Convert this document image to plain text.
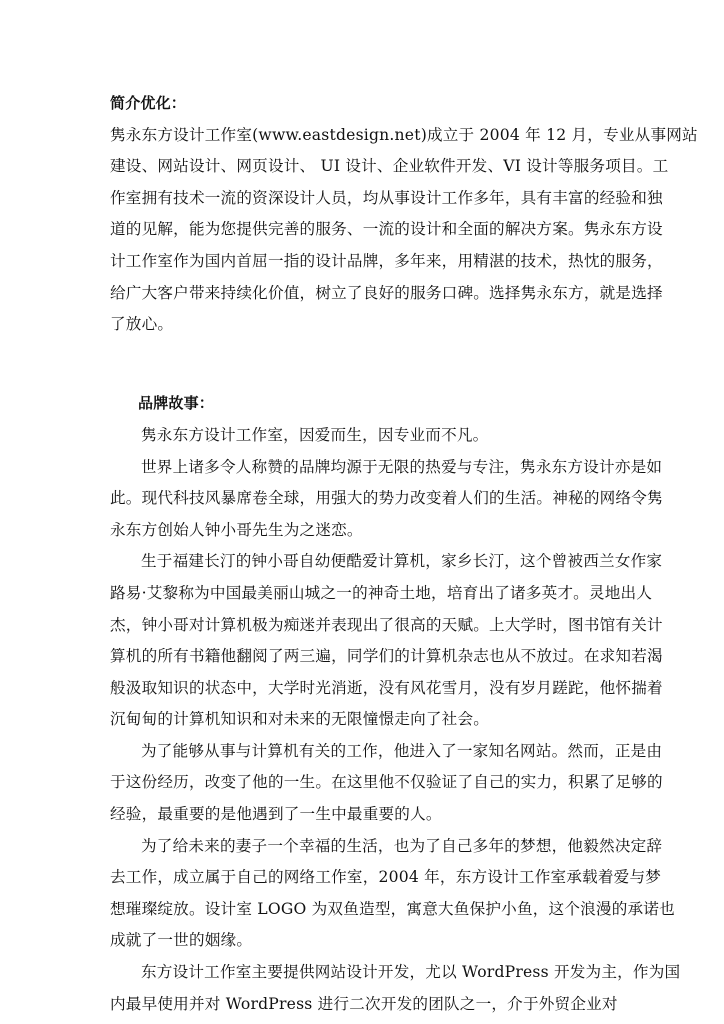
简介优化：
隽永东方设计工作室(www.eastdesign.net)成立于 2004 年 12 月，专业从事网站
建设、网站设计、网页设计、 UI 设计、企业软件开发、VI 设计等服务项目。工
作室拥有技术一流的资深设计人员，均从事设计工作多年，具有丰富的经验和独
道的见解，能为您提供完善的服务、一流的设计和全面的解决方案。隽永东方设
计工作室作为国内首屈一指的设计品牌，多年来，用精湛的技术，热忱的服务，
给广大客户带来持续化价值，树立了良好的服务口碑。选择隽永东方，就是选择
了放心。
品牌故事：
隽永东方设计工作室，因爱而生，因专业而不凡。
世界上诸多令人称赞的品牌均源于无限的热爱与专注，隽永东方设计亦是如
此。现代科技风暴席卷全球，用强大的势力改变着人们的生活。神秘的网络令隽
永东方创始人钟小哥先生为之迷恋。
生于福建长汀的钟小哥自幼便酷爱计算机，家乡长汀，这个曾被西兰女作家
路易·艾黎称为中国最美丽山城之一的神奇土地，培育出了诸多英才。灵地出人
杰，钟小哥对计算机极为痴迷并表现出了很高的天赋。上大学时，图书馆有关计
算机的所有书籍他翻阅了两三遍，同学们的计算机杂志也从不放过。在求知若渴
般汲取知识的状态中，大学时光消逝，没有风花雪月，没有岁月蹉跎，他怀揣着
沉甸甸的计算机知识和对未来的无限憧憬走向了社会。
为了能够从事与计算机有关的工作，他进入了一家知名网站。然而，正是由
于这份经历，改变了他的一生。在这里他不仅验证了自己的实力，积累了足够的
经验，最重要的是他遇到了一生中最重要的人。
为了给未来的妻子一个幸福的生活，也为了自己多年的梦想，他毅然决定辞
去工作，成立属于自己的网络工作室，2004 年，东方设计工作室承载着爱与梦
想璀璨绽放。设计室 LOGO 为双鱼造型，寓意大鱼保护小鱼，这个浪漫的承诺也
成就了一世的姻缘。
东方设计工作室主要提供网站设计开发，尤以 WordPress 开发为主，作为国
内最早使用并对 WordPress 进行二次开发的团队之一，介于外贸企业对
